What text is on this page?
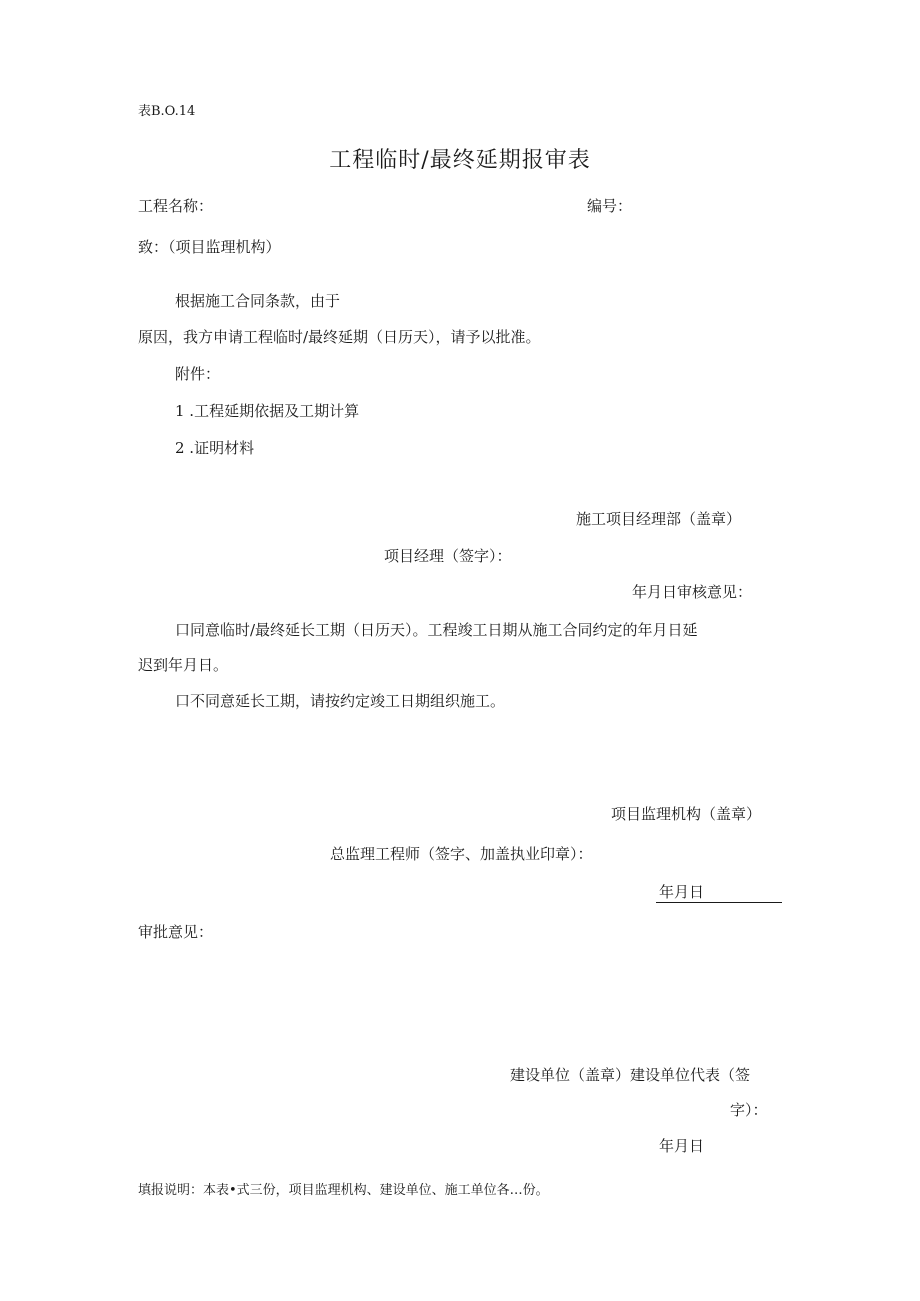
表B.O.14
工程临时/最终延期报审表
工程名称：	编号：
致：（项目监理机构）
根据施工合同条款，由于
原因，我方申请工程临时/最终延期（日历天），请予以批准。
附件：
1 .工程延期依据及工期计算
2 .证明材料
施工项目经理部（盖章）
项目经理（签字）：
年月日审核意见：
口同意临时/最终延长工期（日历天）。工程竣工日期从施工合同约定的年月日延
迟到年月日。
口不同意延长工期，请按约定竣工日期组织施工。
项目监理机构（盖章）
总监理工程师（签字、加盖执业印章）：
年月日
审批意见：
建设单位（盖章）建设单位代表（签
字）：
年月日
填报说明：本表•式三份，项目监理机构、建设单位、施工单位各…份。
